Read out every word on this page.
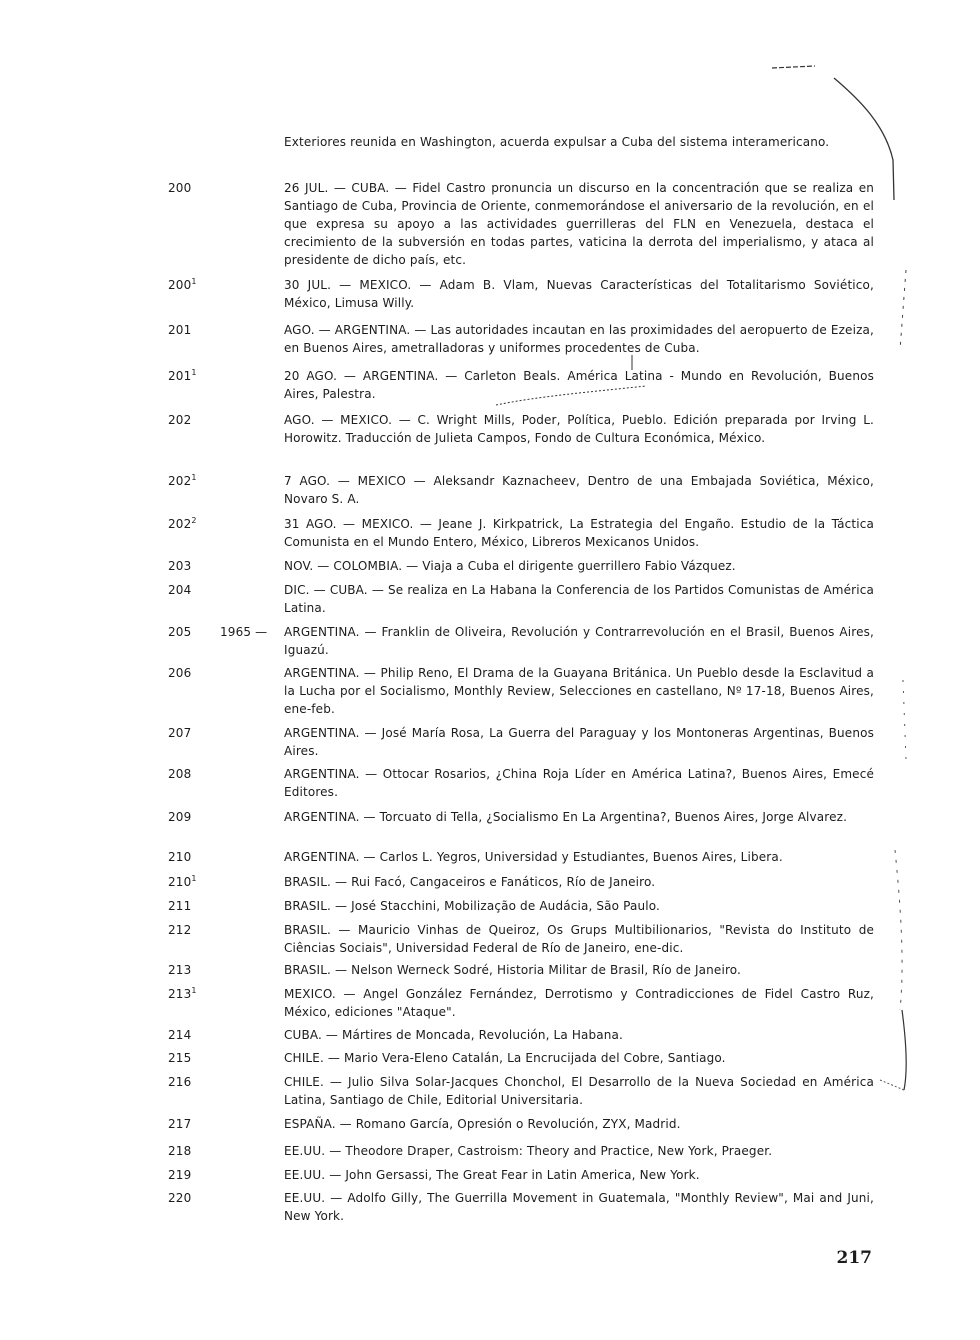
Exteriores reunida en Washington, acuerda expulsar a Cuba del sistema interamericano.
200	26 JUL. — CUBA. — Fidel Castro pronuncia un discurso en la concentración que se realiza en Santiago de Cuba, Provincia de Oriente, conmemorándose el aniversario de la revolución, en el que expresa su apoyo a las actividades guerrilleras del FLN en Venezuela, destaca el crecimiento de la subversión en todas partes, vaticina la derrota del imperialismo, y ataca al presidente de dicho país, etc.
$200^1$	30 JUL. — MEXICO. — Adam B. Vlam, Nuevas Características del Totalitarismo Soviético, México, Limusa Willy.
201	AGO. — ARGENTINA. — Las autoridades incautan en las proximidades del aeropuerto de Ezeiza, en Buenos Aires, ametralladoras y uniformes procedentes de Cuba.
$201^1$	20 AGO. — ARGENTINA. — Carleton Beals. América Latina - Mundo en Revolución, Buenos Aires, Palestra.
202	AGO. — MEXICO. — C. Wright Mills, Poder, Política, Pueblo. Edición preparada por Irving L. Horowitz. Traducción de Julieta Campos, Fondo de Cultura Económica, México.
$202^1$	7 AGO. — MEXICO — Aleksandr Kaznacheev, Dentro de una Embajada Soviética, México, Novaro S. A.
$202^2$	31 AGO. — MEXICO. — Jeane J. Kirkpatrick, La Estrategia del Engaño. Estudio de la Táctica Comunista en el Mundo Entero, México, Libreros Mexicanos Unidos.
203	NOV. — COLOMBIA. — Viaja a Cuba el dirigente guerrillero Fabio Vázquez.
204	DIC. — CUBA. — Se realiza en La Habana la Conferencia de los Partidos Comunistas de América Latina.
205	1965 —	ARGENTINA. — Franklin de Oliveira, Revolución y Contrarrevolución en el Brasil, Buenos Aires, Iguazú.
206	ARGENTINA. — Philip Reno, El Drama de la Guayana Británica. Un Pueblo desde la Esclavitud a la Lucha por el Socialismo, Monthly Review, Selecciones en castellano, Nº 17-18, Buenos Aires, ene-feb.
207	ARGENTINA. — José María Rosa, La Guerra del Paraguay y los Montoneras Argentinas, Buenos Aires.
208	ARGENTINA. — Ottocar Rosarios, ¿China Roja Líder en América Latina?, Buenos Aires, Emecé Editores.
209	ARGENTINA. — Torcuato di Tella, ¿Socialismo En La Argentina?, Buenos Aires, Jorge Alvarez.
210	ARGENTINA. — Carlos L. Yegros, Universidad y Estudiantes, Buenos Aires, Libera.
$210^1$	BRASIL. — Rui Facó, Cangaceiros e Fanáticos, Río de Janeiro.
211	BRASIL. — José Stacchini, Mobilização de Audácia, São Paulo.
212	BRASIL. — Mauricio Vinhas de Queiroz, Os Grups Multibilionarios, "Revista do Instituto de Ciências Sociais", Universidad Federal de Río de Janeiro, ene-dic.
213	BRASIL. — Nelson Werneck Sodré, Historia Militar de Brasil, Río de Janeiro.
$213^1$	MEXICO. — Angel González Fernández, Derrotismo y Contradicciones de Fidel Castro Ruz, México, ediciones "Ataque".
214	CUBA. — Mártires de Moncada, Revolución, La Habana.
215	CHILE. — Mario Vera-Eleno Catalán, La Encrucijada del Cobre, Santiago.
216	CHILE. — Julio Silva Solar-Jacques Chonchol, El Desarrollo de la Nueva Sociedad en América Latina, Santiago de Chile, Editorial Universitaria.
217	ESPAÑA. — Romano García, Opresión o Revolución, ZYX, Madrid.
218	EE.UU. — Theodore Draper, Castroism: Theory and Practice, New York, Praeger.
219	EE.UU. — John Gersassi, The Great Fear in Latin America, New York.
220	EE.UU. — Adolfo Gilly, The Guerrilla Movement in Guatemala, "Monthly Review", Mai and Juni, New York.
217
